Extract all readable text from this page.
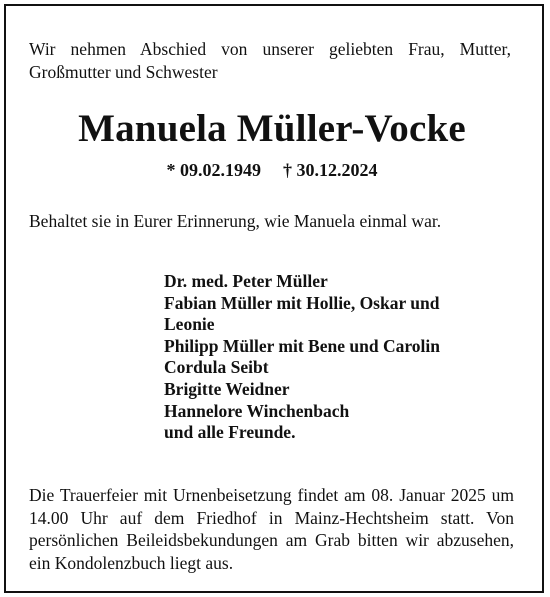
Wir nehmen Abschied von unserer geliebten Frau, Mutter, Großmutter und Schwester
Manuela Müller-Vocke
* 09.02.1949 † 30.12.2024
Behaltet sie in Eurer Erinnerung, wie Manuela einmal war.
Dr. med. Peter Müller
Fabian Müller mit Hollie, Oskar und
Leonie
Philipp Müller mit Bene und Carolin
Cordula Seibt
Brigitte Weidner
Hannelore Winchenbach
und alle Freunde.
Die Trauerfeier mit Urnenbeisetzung findet am 08. Januar 2025 um 14.00 Uhr auf dem Friedhof in Mainz-Hechtsheim statt. Von persönlichen Beileidsbekundungen am Grab bitten wir abzusehen, ein Kondolenzbuch liegt aus.
